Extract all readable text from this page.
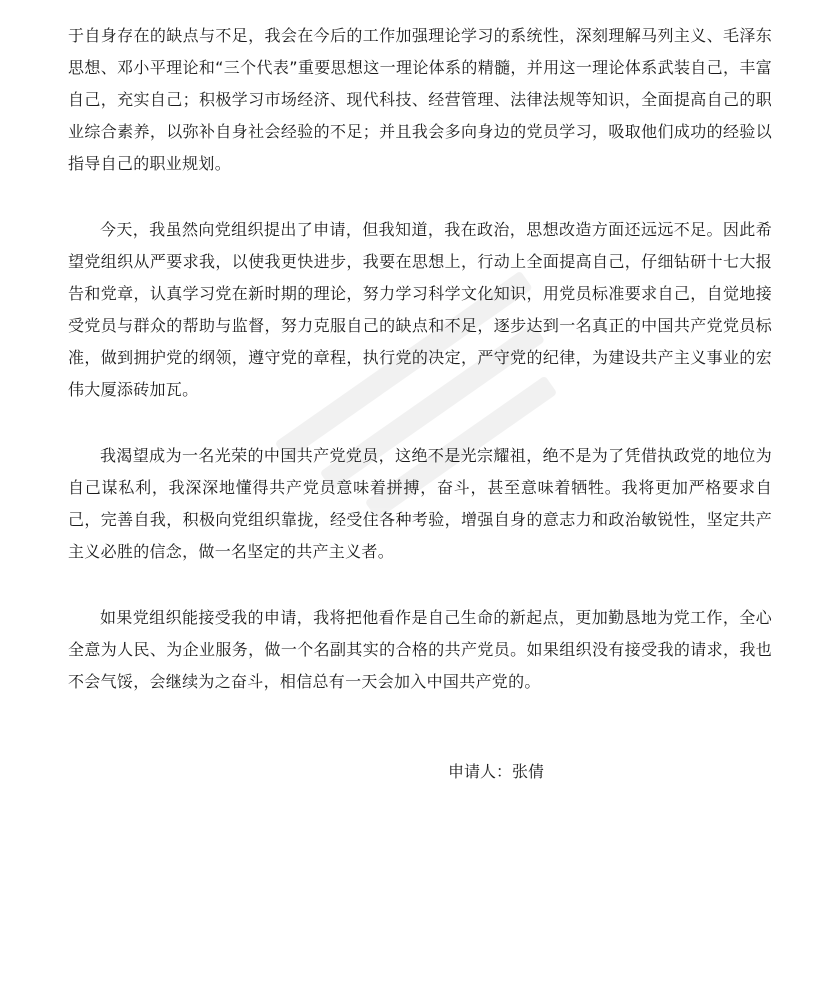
于自身存在的缺点与不足，我会在今后的工作加强理论学习的系统性，深刻理解马列主义、毛泽东思想、邓小平理论和“三个代表”重要思想这一理论体系的精髓，并用这一理论体系武装自己，丰富自己，充实自己；积极学习市场经济、现代科技、经营管理、法律法规等知识，全面提高自己的职业综合素养，以弥补自身社会经验的不足；并且我会多向身边的党员学习，吸取他们成功的经验以指导自己的职业规划。

今天，我虽然向党组织提出了申请，但我知道，我在政治，思想改造方面还远远不足。因此希望党组织从严要求我，以使我更快进步，我要在思想上，行动上全面提高自己，仔细钻研十七大报告和党章，认真学习党在新时期的理论，努力学习科学文化知识，用党员标准要求自己，自觉地接受党员与群众的帮助与监督，努力克服自己的缺点和不足，逐步达到一名真正的中国共产党党员标准，做到拥护党的纲领，遵守党的章程，执行党的决定，严守党的纪律，为建设共产主义事业的宏伟大厦添砖加瓦。

我渴望成为一名光荣的中国共产党党员，这绝不是光宗耀祖，绝不是为了凭借执政党的地位为自己谋私利，我深深地懂得共产党员意味着拼搏，奋斗，甚至意味着牺牲。我将更加严格要求自己，完善自我，积极向党组织靠拢，经受住各种考验，增强自身的意志力和政治敏锐性，坚定共产主义必胜的信念，做一名坚定的共产主义者。

如果党组织能接受我的申请，我将把他看作是自己生命的新起点，更加勤恳地为党工作，全心全意为人民、为企业服务，做一个名副其实的合格的共产党员。如果组织没有接受我的请求，我也不会气馁，会继续为之奋斗，相信总有一天会加入中国共产党的。

申请人：张倩
